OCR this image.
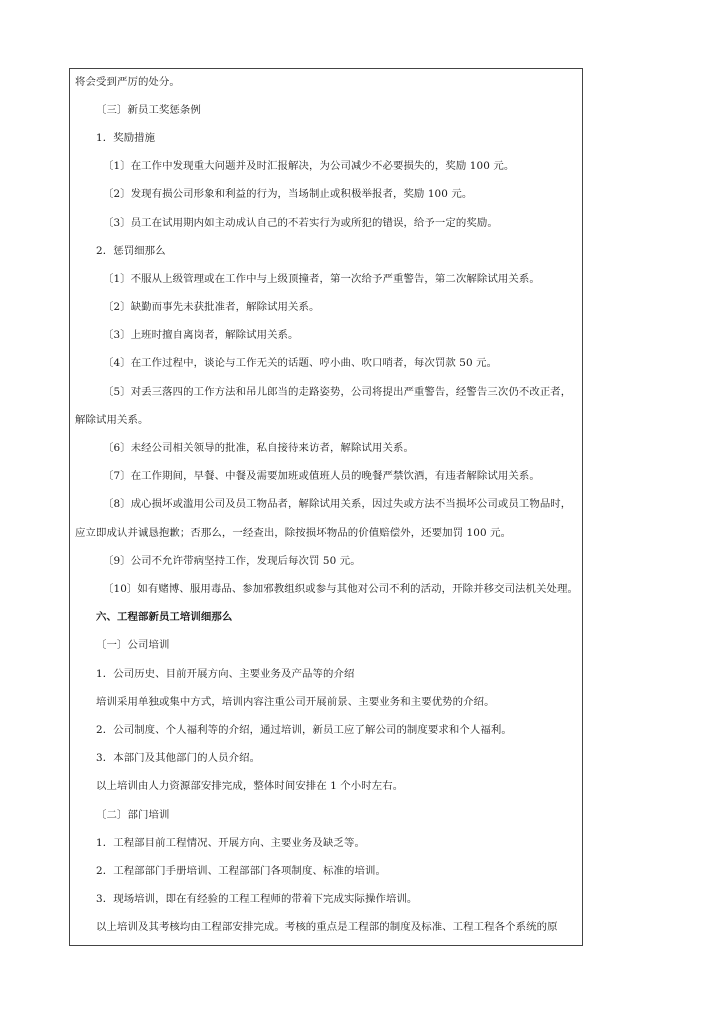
将会受到严厉的处分。
〔三〕新员工奖惩条例
1．奖励措施
〔1〕在工作中发现重大问题并及时汇报解决，为公司减少不必要损失的，奖励 100 元。
〔2〕发现有损公司形象和利益的行为，当场制止或积极举报者，奖励 100 元。
〔3〕员工在试用期内如主动成认自己的不若实行为或所犯的错误，给予一定的奖励。
2．惩罚细那么
〔1〕不服从上级管理或在工作中与上级顶撞者，第一次给予严重警告，第二次解除试用关系。
〔2〕缺勤而事先未获批准者，解除试用关系。
〔3〕上班时擅自离岗者，解除试用关系。
〔4〕在工作过程中，谈论与工作无关的话题、哼小曲、吹口哨者，每次罚款 50 元。
〔5〕对丢三落四的工作方法和吊儿郎当的走路姿势，公司将提出严重警告，经警告三次仍不改正者，
解除试用关系。
〔6〕未经公司相关领导的批准，私自接待来访者，解除试用关系。
〔7〕在工作期间，早餐、中餐及需要加班或值班人员的晚餐严禁饮酒，有违者解除试用关系。
〔8〕成心损坏或滥用公司及员工物品者，解除试用关系，因过失或方法不当损坏公司或员工物品时，
应立即成认并诚恳抱歉；否那么，一经查出，除按损坏物品的价值赔偿外，还要加罚 100 元。
〔9〕公司不允许带病坚持工作，发现后每次罚 50 元。
〔10〕如有赌博、服用毒品、参加邪教组织或参与其他对公司不利的活动，开除并移交司法机关处理。
六、工程部新员工培训细那么
〔一〕公司培训
1．公司历史、目前开展方向、主要业务及产品等的介绍
培训采用单独或集中方式，培训内容注重公司开展前景、主要业务和主要优势的介绍。
2．公司制度、个人福利等的介绍，通过培训，新员工应了解公司的制度要求和个人福利。
3．本部门及其他部门的人员介绍。
以上培训由人力资源部安排完成，整体时间安排在 1 个小时左右。
〔二〕部门培训
1．工程部目前工程情况、开展方向、主要业务及缺乏等。
2．工程部部门手册培训、工程部部门各项制度、标准的培训。
3．现场培训，即在有经验的工程工程师的带着下完成实际操作培训。
以上培训及其考核均由工程部安排完成。考核的重点是工程部的制度及标准、工程工程各个系统的原
